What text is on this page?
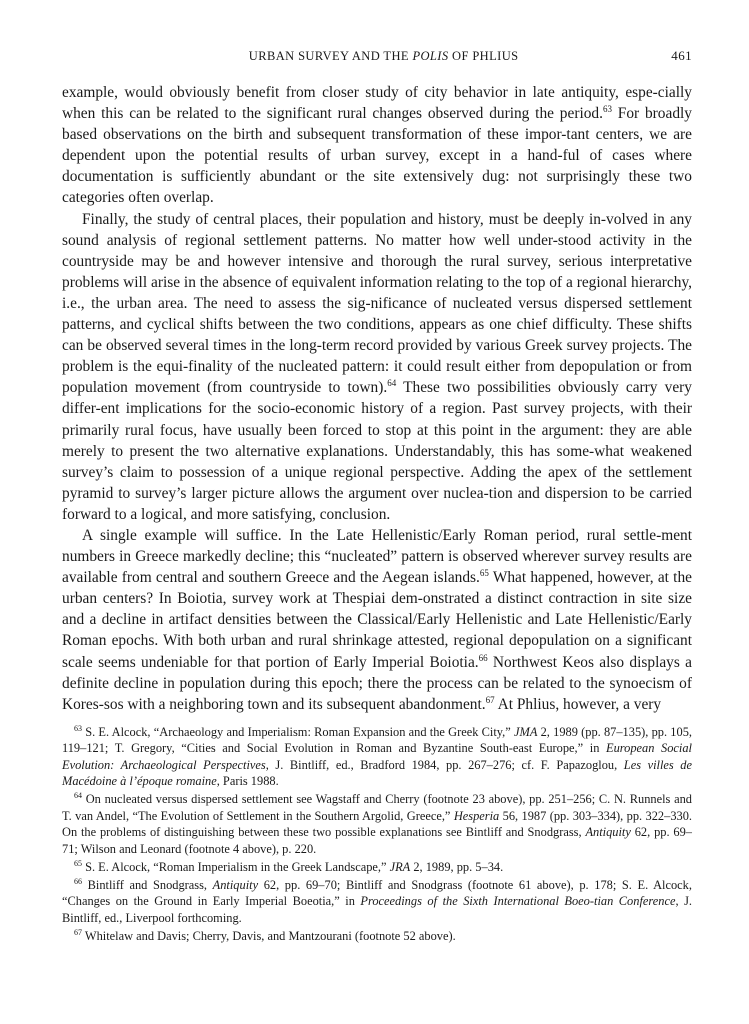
URBAN SURVEY AND THE POLIS OF PHLIUS	461

example, would obviously benefit from closer study of city behavior in late antiquity, espe-cially when this can be related to the significant rural changes observed during the period.$^{63}$ For broadly based observations on the birth and subsequent transformation of these impor-tant centers, we are dependent upon the potential results of urban survey, except in a hand-ful of cases where documentation is sufficiently abundant or the site extensively dug: not surprisingly these two categories often overlap.

Finally, the study of central places, their population and history, must be deeply in-volved in any sound analysis of regional settlement patterns. No matter how well under-stood activity in the countryside may be and however intensive and thorough the rural survey, serious interpretative problems will arise in the absence of equivalent information relating to the top of a regional hierarchy, i.e., the urban area. The need to assess the sig-nificance of nucleated versus dispersed settlement patterns, and cyclical shifts between the two conditions, appears as one chief difficulty. These shifts can be observed several times in the long-term record provided by various Greek survey projects. The problem is the equi-finality of the nucleated pattern: it could result either from depopulation or from population movement (from countryside to town).$^{64}$ These two possibilities obviously carry very differ-ent implications for the socio-economic history of a region. Past survey projects, with their primarily rural focus, have usually been forced to stop at this point in the argument: they are able merely to present the two alternative explanations. Understandably, this has some-what weakened survey’s claim to possession of a unique regional perspective. Adding the apex of the settlement pyramid to survey’s larger picture allows the argument over nuclea-tion and dispersion to be carried forward to a logical, and more satisfying, conclusion.

A single example will suffice. In the Late Hellenistic/Early Roman period, rural settle-ment numbers in Greece markedly decline; this “nucleated” pattern is observed wherever survey results are available from central and southern Greece and the Aegean islands.$^{65}$ What happened, however, at the urban centers? In Boiotia, survey work at Thespiai dem-onstrated a distinct contraction in site size and a decline in artifact densities between the Classical/Early Hellenistic and Late Hellenistic/Early Roman epochs. With both urban and rural shrinkage attested, regional depopulation on a significant scale seems undeniable for that portion of Early Imperial Boiotia.$^{66}$ Northwest Keos also displays a definite decline in population during this epoch; there the process can be related to the synoecism of Kores-sos with a neighboring town and its subsequent abandonment.$^{67}$ At Phlius, however, a very

$^{63}$ S. E. Alcock, “Archaeology and Imperialism: Roman Expansion and the Greek City,” JMA 2, 1989 (pp. 87–135), pp. 105, 119–121; T. Gregory, “Cities and Social Evolution in Roman and Byzantine South-east Europe,” in European Social Evolution: Archaeological Perspectives, J. Bintliff, ed., Bradford 1984, pp. 267–276; cf. F. Papazoglou, Les villes de Macédoine à l’époque romaine, Paris 1988.

$^{64}$ On nucleated versus dispersed settlement see Wagstaff and Cherry (footnote 23 above), pp. 251–256; C. N. Runnels and T. van Andel, “The Evolution of Settlement in the Southern Argolid, Greece,” Hesperia 56, 1987 (pp. 303–334), pp. 322–330. On the problems of distinguishing between these two possible explanations see Bintliff and Snodgrass, Antiquity 62, pp. 69–71; Wilson and Leonard (footnote 4 above), p. 220.

$^{65}$ S. E. Alcock, “Roman Imperialism in the Greek Landscape,” JRA 2, 1989, pp. 5–34.

$^{66}$ Bintliff and Snodgrass, Antiquity 62, pp. 69–70; Bintliff and Snodgrass (footnote 61 above), p. 178; S. E. Alcock, “Changes on the Ground in Early Imperial Boeotia,” in Proceedings of the Sixth International Boeo-tian Conference, J. Bintliff, ed., Liverpool forthcoming.

$^{67}$ Whitelaw and Davis; Cherry, Davis, and Mantzourani (footnote 52 above).
